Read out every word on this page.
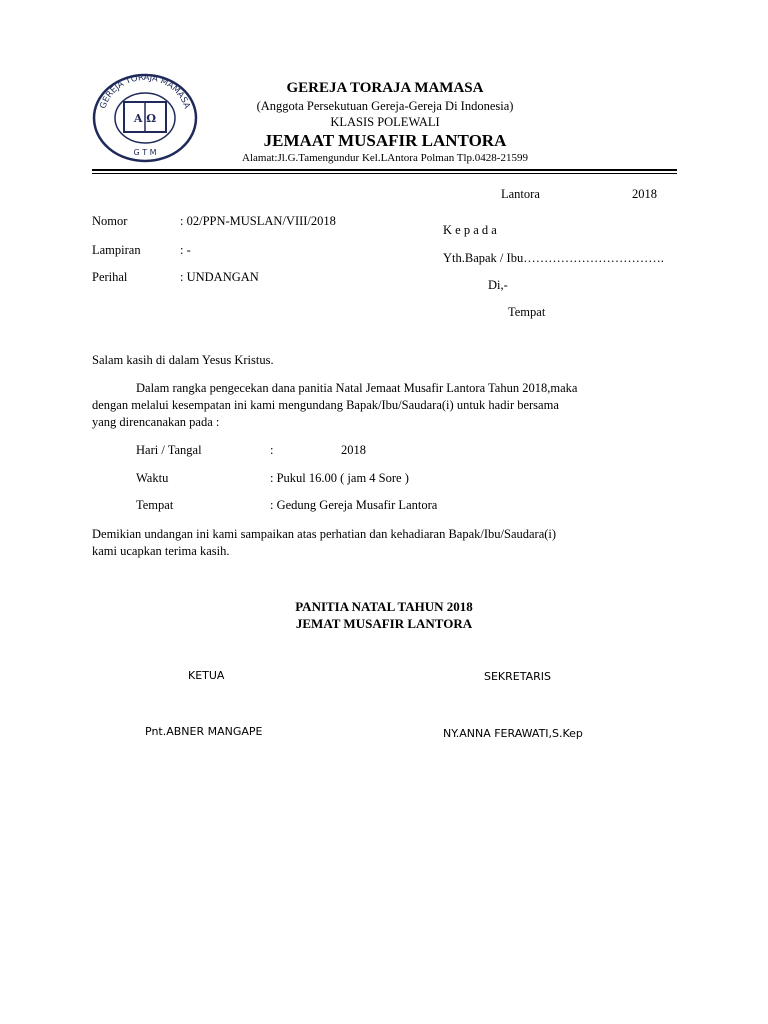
GEREJA TORAJA MAMASA
G T M
A Ω
GEREJA TORAJA MAMASA
(Anggota Persekutuan Gereja-Gereja Di Indonesia)
KLASIS POLEWALI
JEMAAT MUSAFIR LANTORA
Alamat:Jl.G.Tamengundur Kel.LAntora Polman Tlp.0428-21599
Lantora	2018
Nomor	: 02/PPN-MUSLAN/VIII/2018
Lampiran	: -
Perihal	: UNDANGAN
K e p a d a
Yth.Bapak / Ibu…………………………….
Di,-
Tempat
Salam kasih di dalam Yesus Kristus.
Dalam rangka pengecekan dana panitia Natal Jemaat Musafir Lantora Tahun 2018,maka
dengan melalui kesempatan ini kami mengundang Bapak/Ibu/Saudara(i) untuk hadir bersama
yang direncanakan pada :
Hari / Tangal	:	2018
Waktu	: Pukul 16.00 ( jam 4 Sore )
Tempat	: Gedung Gereja Musafir Lantora
Demikian undangan ini kami sampaikan atas perhatian dan kehadiaran Bapak/Ibu/Saudara(i)
kami ucapkan terima kasih.
PANITIA NATAL TAHUN 2018
JEMAT MUSAFIR LANTORA
KETUA	SEKRETARIS
Pnt.ABNER MANGAPE	NY.ANNA FERAWATI,S.Kep
